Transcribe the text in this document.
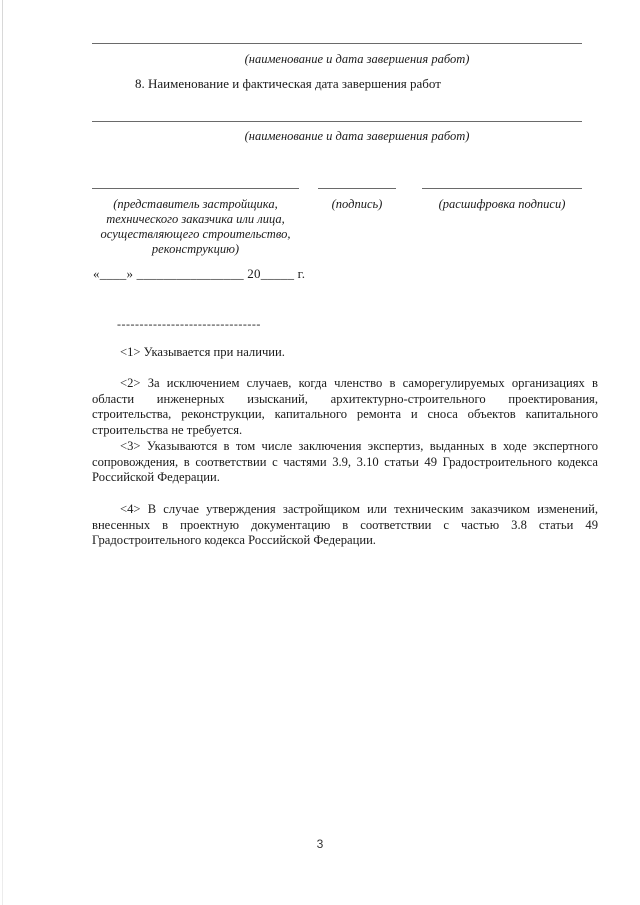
(наименование и дата завершения работ)
8. Наименование и фактическая дата завершения работ
(наименование и дата завершения работ)
(представитель застройщика, технического заказчика или лица, осуществляющего строительство, реконструкцию)
(подпись)	(расшифровка подписи)
«____» ________________ 20_____ г.
--------------------------------

<1> Указывается при наличии.

<2> За исключением случаев, когда членство в саморегулируемых организациях в области инженерных изысканий, архитектурно-строительного проектирования, строительства, реконструкции, капитального ремонта и сноса объектов капитального строительства не требуется.

<3> Указываются в том числе заключения экспертиз, выданных в ходе экспертного сопровождения, в соответствии с частями 3.9, 3.10 статьи 49 Градостроительного кодекса Российской Федерации.

<4> В случае утверждения застройщиком или техническим заказчиком изменений, внесенных в проектную документацию в соответствии с частью 3.8 статьи 49 Градостроительного кодекса Российской Федерации.

3
